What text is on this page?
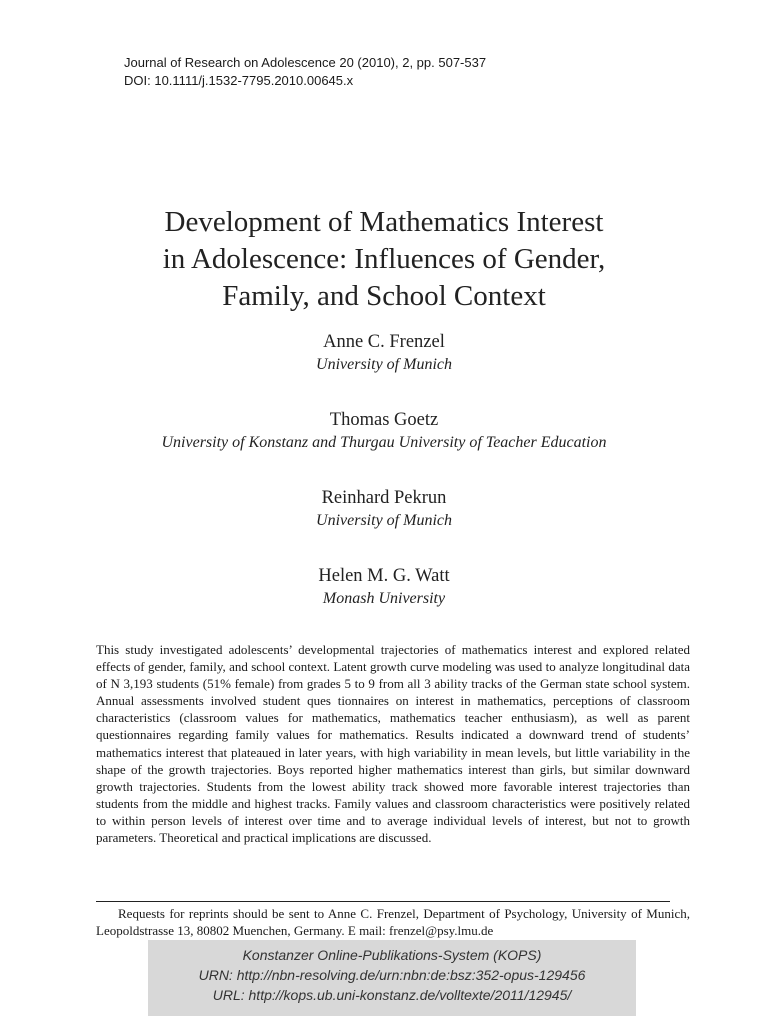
Journal of Research on Adolescence 20 (2010), 2, pp. 507-537
DOI: 10.1111/j.1532-7795.2010.00645.x
Development of Mathematics Interest
in Adolescence: Influences of Gender,
Family, and School Context
Anne C. Frenzel
University of Munich
Thomas Goetz
University of Konstanz and Thurgau University of Teacher Education
Reinhard Pekrun
University of Munich
Helen M. G. Watt
Monash University
This study investigated adolescents’ developmental trajectories of mathematics interest and explored related effects of gender, family, and school context. Latent growth curve modeling was used to analyze longitudinal data of N 3,193 students (51% female) from grades 5 to 9 from all 3 ability tracks of the German state school system. Annual assessments involved student ques tionnaires on interest in mathematics, perceptions of classroom characteristics (classroom values for mathematics, mathematics teacher enthusiasm), as well as parent questionnaires regarding family values for mathematics. Results indicated a downward trend of students’ mathematics interest that plateaued in later years, with high variability in mean levels, but little variability in the shape of the growth trajectories. Boys reported higher mathematics interest than girls, but similar downward growth trajectories. Students from the lowest ability track showed more favorable interest trajectories than students from the middle and highest tracks. Family values and classroom characteristics were positively related to within person levels of interest over time and to average individual levels of interest, but not to growth parameters. Theoretical and practical implications are discussed.
Requests for reprints should be sent to Anne C. Frenzel, Department of Psychology, University of Munich, Leopoldstrasse 13, 80802 Muenchen, Germany. E mail: frenzel@psy.lmu.de
Konstanzer Online-Publikations-System (KOPS)
URN: http://nbn-resolving.de/urn:nbn:de:bsz:352-opus-129456
URL: http://kops.ub.uni-konstanz.de/volltexte/2011/12945/
